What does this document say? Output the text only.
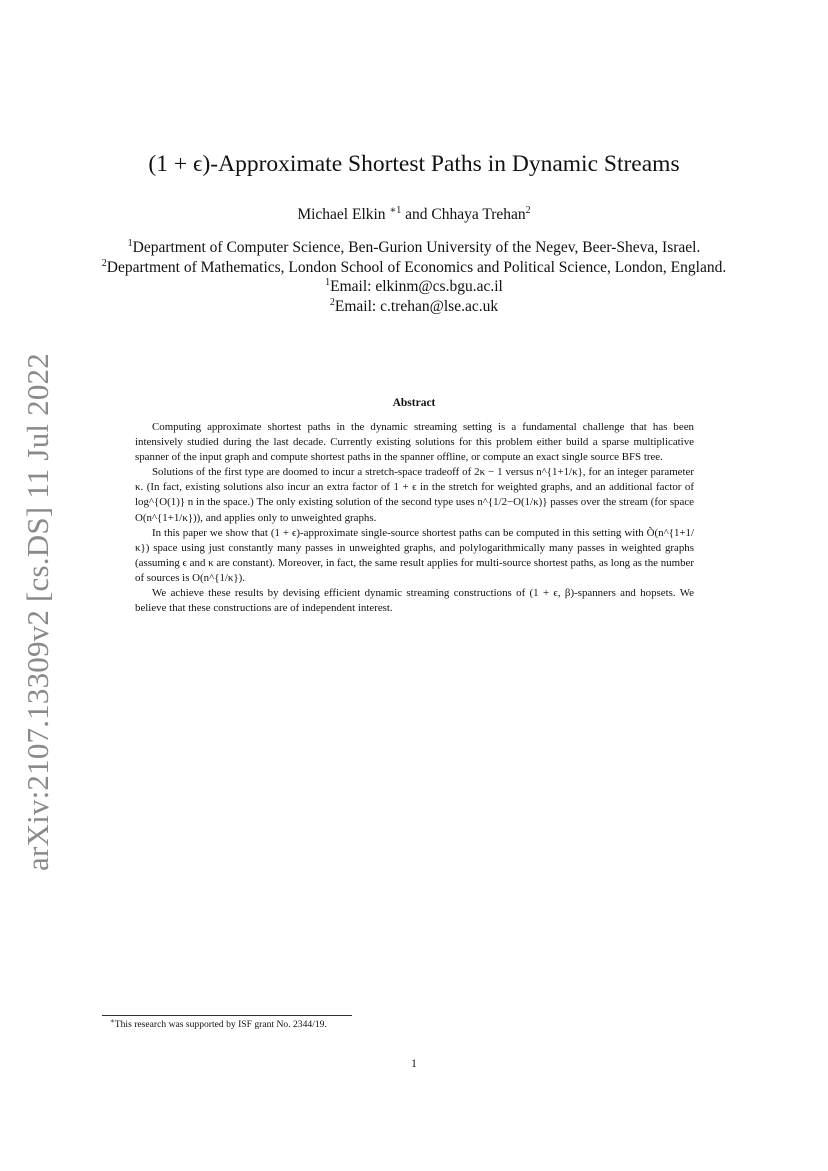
arXiv:2107.13309v2 [cs.DS] 11 Jul 2022
(1 + ϵ)-Approximate Shortest Paths in Dynamic Streams
Michael Elkin $^{∗1}$ and Chhaya Trehan$^2$
$^1$Department of Computer Science, Ben-Gurion University of the Negev, Beer-Sheva, Israel.
$^2$Department of Mathematics, London School of Economics and Political Science, London, England.
$^1$Email: elkinm@cs.bgu.ac.il
$^2$Email: c.trehan@lse.ac.uk
Abstract

Computing approximate shortest paths in the dynamic streaming setting is a fundamental challenge that has been intensively studied during the last decade. Currently existing solutions for this problem either build a sparse multiplicative spanner of the input graph and compute shortest paths in the spanner offline, or compute an exact single source BFS tree.

Solutions of the first type are doomed to incur a stretch-space tradeoff of 2κ − 1 versus n^{1+1/κ}, for an integer parameter κ. (In fact, existing solutions also incur an extra factor of 1 + ϵ in the stretch for weighted graphs, and an additional factor of log^{O(1)} n in the space.) The only existing solution of the second type uses n^{1/2−O(1/κ)} passes over the stream (for space O(n^{1+1/κ})), and applies only to unweighted graphs.

In this paper we show that (1 + ϵ)-approximate single-source shortest paths can be computed in this setting with Õ(n^{1+1/κ}) space using just constantly many passes in unweighted graphs, and polylogarithmically many passes in weighted graphs (assuming ϵ and κ are constant). Moreover, in fact, the same result applies for multi-source shortest paths, as long as the number of sources is O(n^{1/κ}).

We achieve these results by devising efficient dynamic streaming constructions of (1 + ϵ, β)-spanners and hopsets. We believe that these constructions are of independent interest.

∗This research was supported by ISF grant No. 2344/19.
1
